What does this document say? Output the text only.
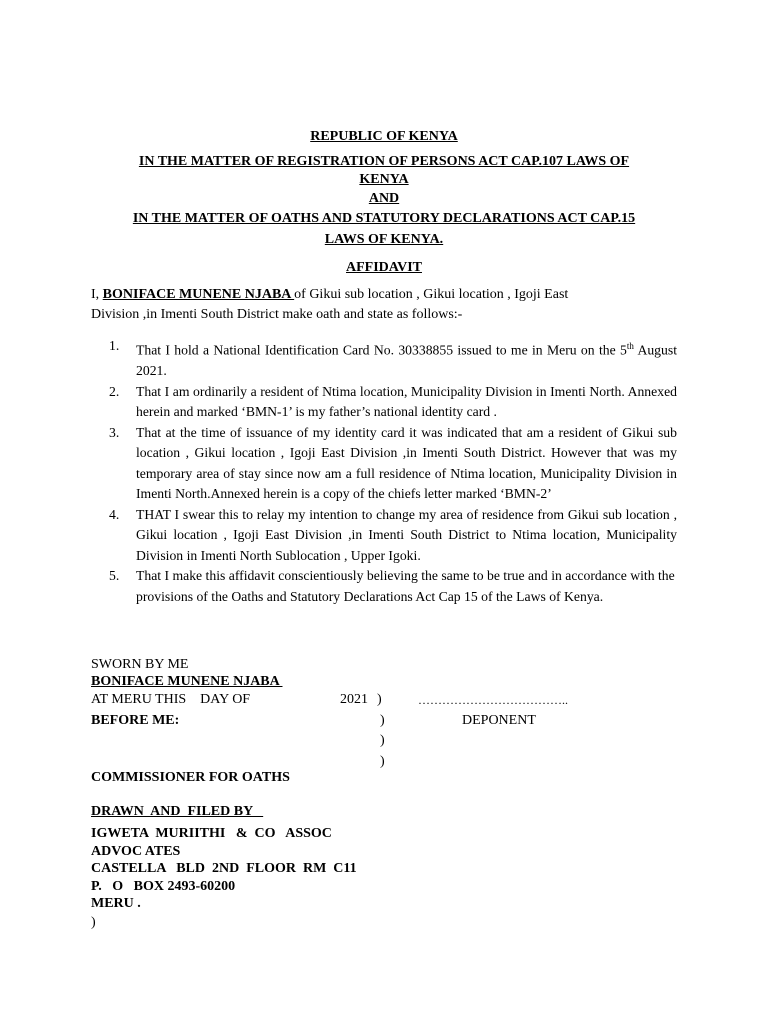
REPUBLIC OF KENYA
IN THE MATTER OF REGISTRATION OF PERSONS ACT CAP.107 LAWS OF
KENYA
AND
IN THE MATTER OF OATHS AND STATUTORY DECLARATIONS ACT CAP.15
LAWS OF KENYA.
AFFIDAVIT
I, BONIFACE MUNENE NJABA of Gikui sub location , Gikui location , Igoji East
Division ,in Imenti South District make oath and state as follows:-
1. That I hold a National Identification Card No. 30338855 issued to me in Meru on the 5th August 2021.
2. That I am ordinarily a resident of Ntima location, Municipality Division in Imenti North. Annexed herein and marked ‘BMN-1’ is my father’s national identity card .
3. That at the time of issuance of my identity card it was indicated that am a resident of Gikui sub location , Gikui location , Igoji East Division ,in Imenti South District. However that was my temporary area of stay since now am a full residence of Ntima location, Municipality Division in Imenti North.Annexed herein is a copy of the chiefs letter marked ‘BMN-2’
4. THAT I swear this to relay my intention to change my area of residence from Gikui sub location , Gikui location , Igoji East Division ,in Imenti South District to Ntima location, Municipality Division in Imenti North Sublocation , Upper Igoki.
5. That I make this affidavit conscientiously believing the same to be true and in accordance with the provisions of the Oaths and Statutory Declarations Act Cap 15 of the Laws of Kenya.
SWORN BY ME
BONIFACE MUNENE NJABA
AT MERU THIS    DAY OF	2021 )	………………………………..
BEFORE ME:	)	DEPONENT
)
)
COMMISSIONER FOR OATHS
DRAWN  AND  FILED BY
IGWETA  MURIITHI   &  CO   ASSOC
ADVOC ATES
CASTELLA   BLD  2ND  FLOOR  RM  C11
P.   O   BOX 2493-60200
MERU .
)
